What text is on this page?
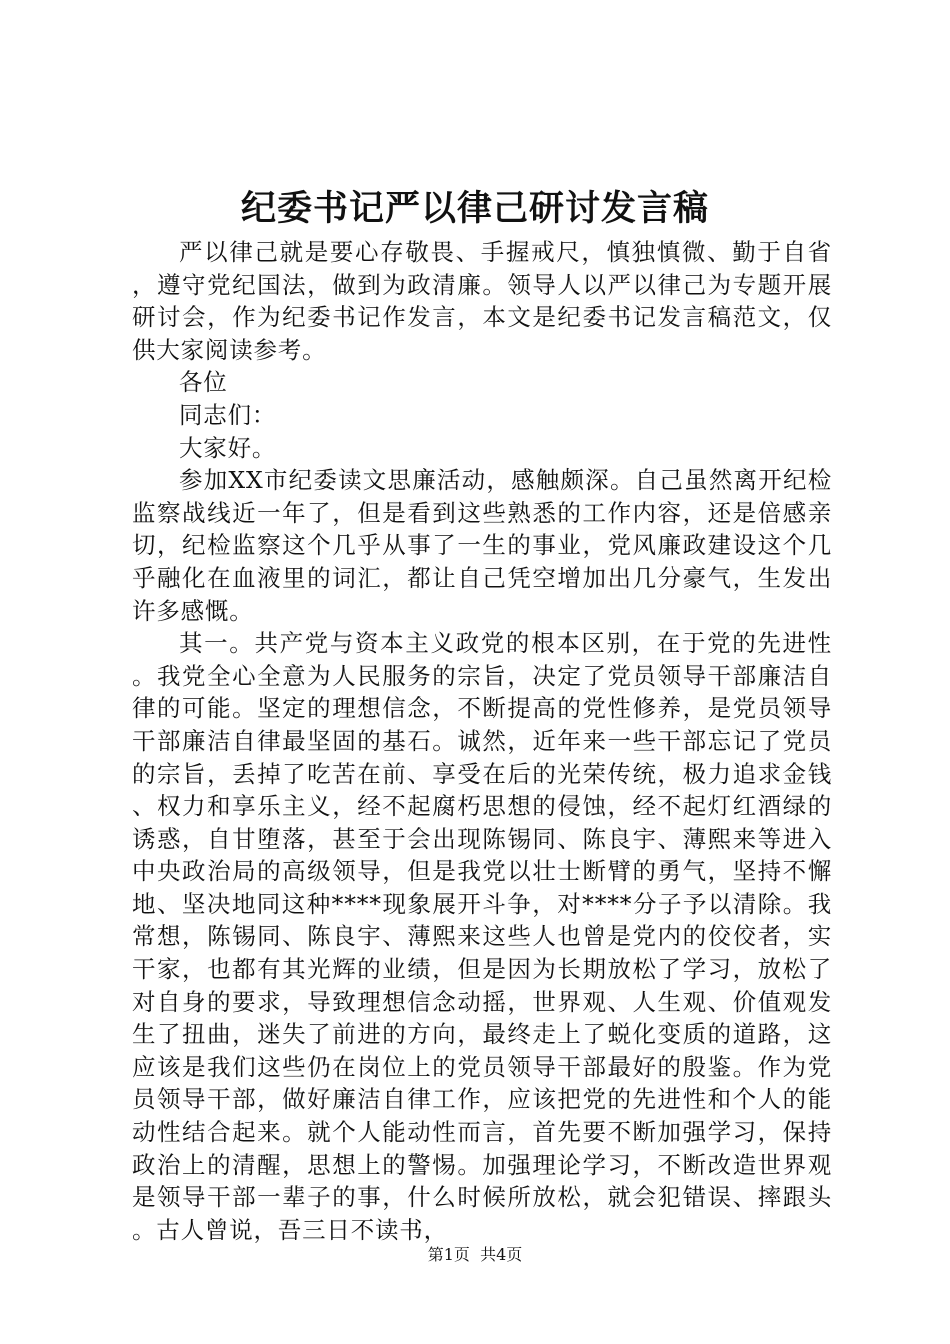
纪委书记严以律己研讨发言稿

严以律己就是要心存敬畏、手握戒尺，慎独慎微、勤于自省，遵守党纪国法，做到为政清廉。领导人以严以律己为专题开展研讨会，作为纪委书记作发言，本文是纪委书记发言稿范文，仅供大家阅读参考。

各位

同志们：

大家好。

参加XX市纪委读文思廉活动，感触颇深。自己虽然离开纪检监察战线近一年了，但是看到这些熟悉的工作内容，还是倍感亲切，纪检监察这个几乎从事了一生的事业，党风廉政建设这个几乎融化在血液里的词汇，都让自己凭空增加出几分豪气，生发出许多感慨。

其一。共产党与资本主义政党的根本区别，在于党的先进性。我党全心全意为人民服务的宗旨，决定了党员领导干部廉洁自律的可能。坚定的理想信念，不断提高的党性修养，是党员领导干部廉洁自律最坚固的基石。诚然，近年来一些干部忘记了党员的宗旨，丢掉了吃苦在前、享受在后的光荣传统，极力追求金钱、权力和享乐主义，经不起腐朽思想的侵蚀，经不起灯红酒绿的诱惑，自甘堕落，甚至于会出现陈锡同、陈良宇、薄熙来等进入中央政治局的高级领导，但是我党以壮士断臂的勇气，坚持不懈地、坚决地同这种****现象展开斗争，对****分子予以清除。我常想，陈锡同、陈良宇、薄熙来这些人也曾是党内的佼佼者，实干家，也都有其光辉的业绩，但是因为长期放松了学习，放松了对自身的要求，导致理想信念动摇，世界观、人生观、价值观发生了扭曲，迷失了前进的方向，最终走上了蜕化变质的道路，这应该是我们这些仍在岗位上的党员领导干部最好的殷鉴。作为党员领导干部，做好廉洁自律工作，应该把党的先进性和个人的能动性结合起来。就个人能动性而言，首先要不断加强学习，保持政治上的清醒，思想上的警惕。加强理论学习，不断改造世界观是领导干部一辈子的事，什么时候所放松，就会犯错误、摔跟头。古人曾说，吾三日不读书，

第1页 共4页
